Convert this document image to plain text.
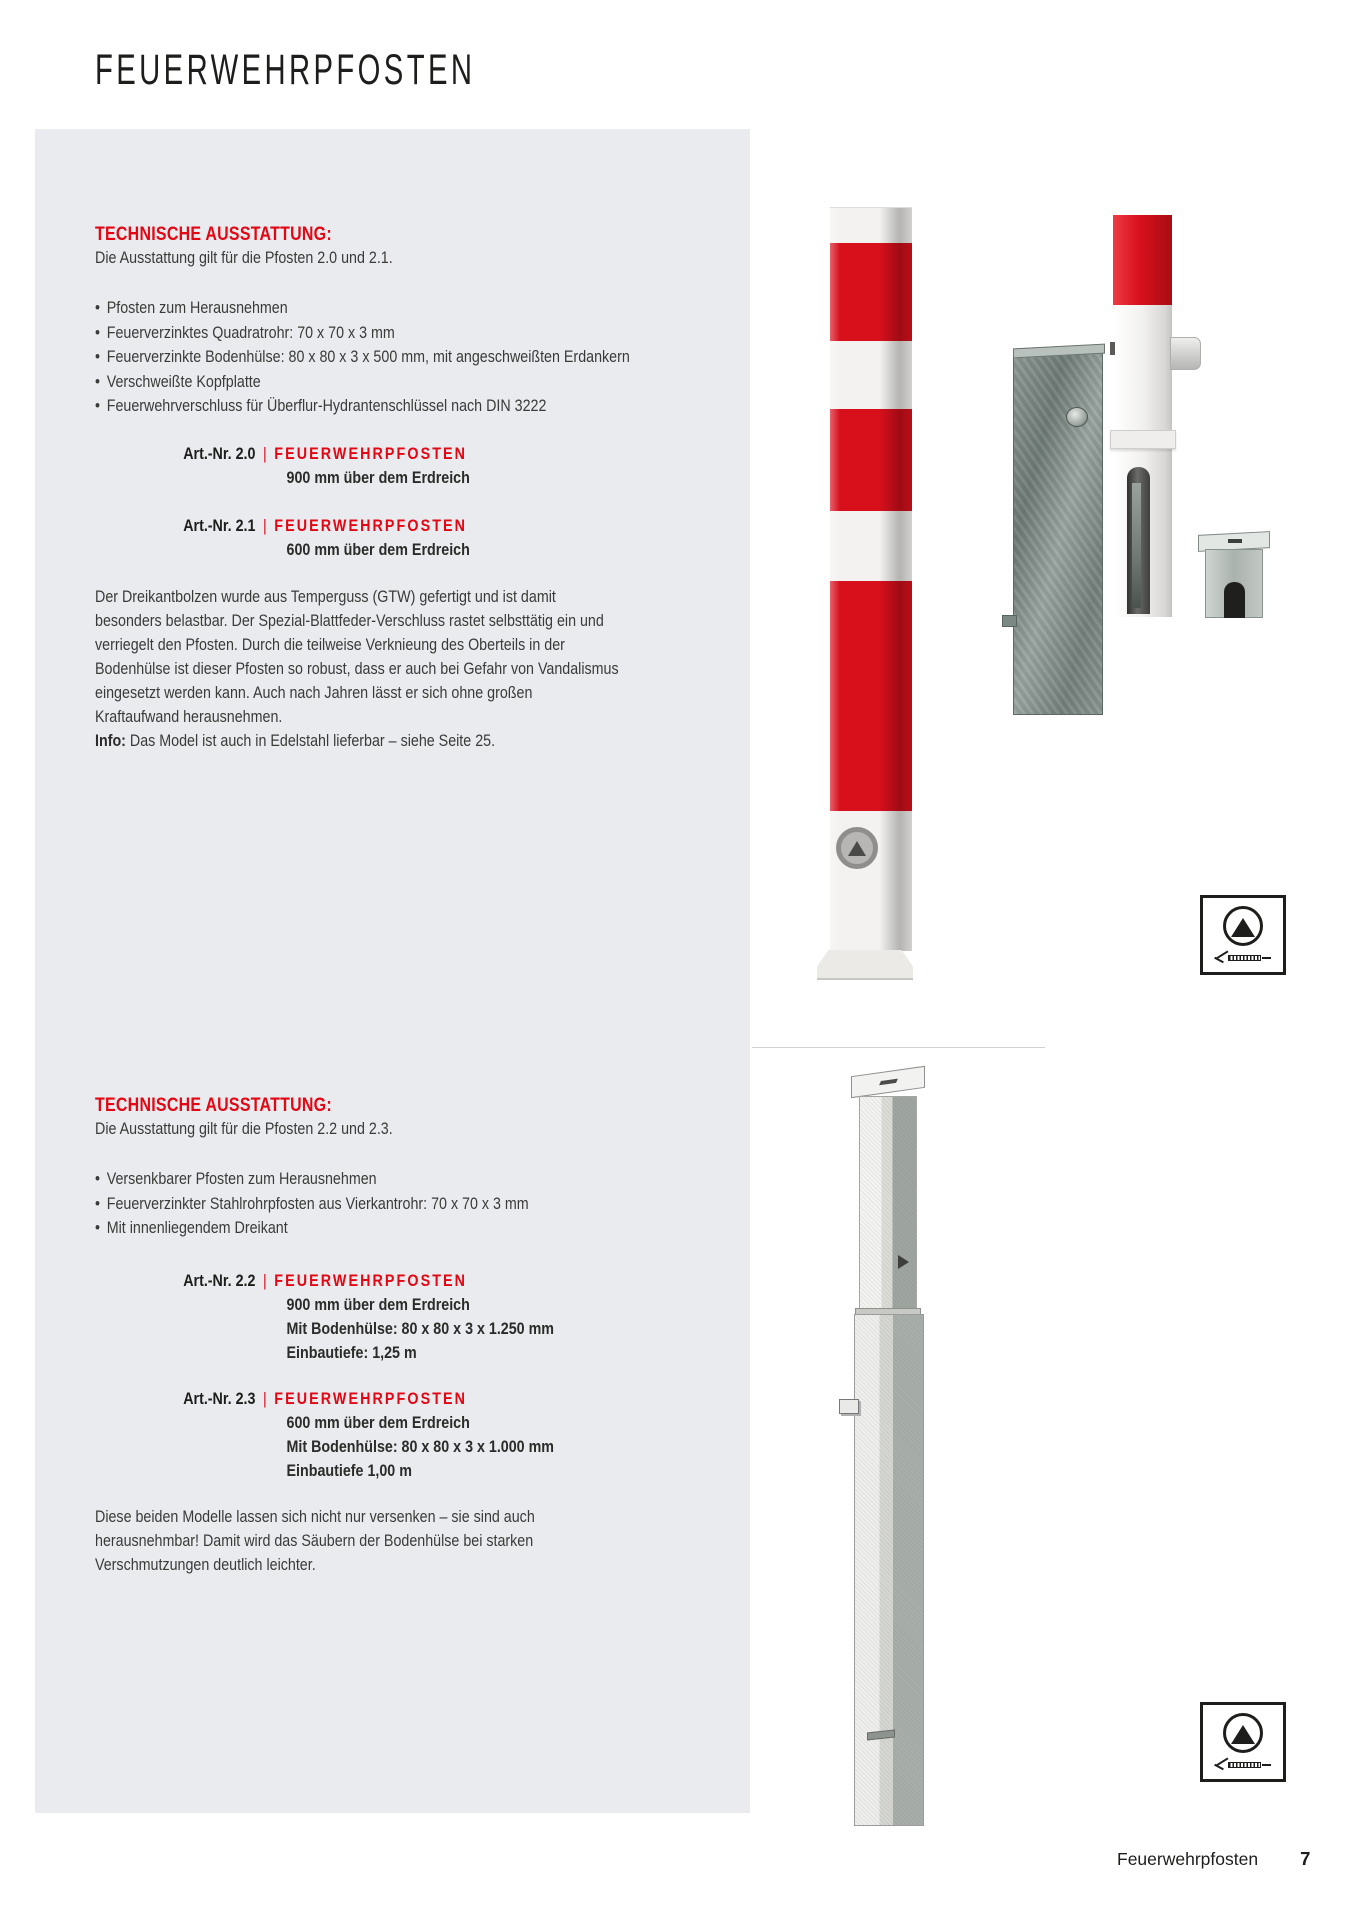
FEUERWEHRPFOSTEN
TECHNISCHE AUSSTATTUNG:

Die Ausstattung gilt für die Pfosten 2.0 und 2.1.

• Pfosten zum Herausnehmen
• Feuerverzinktes Quadratrohr: 70 x 70 x 3 mm
• Feuerverzinkte Bodenhülse: 80 x 80 x 3 x 500 mm, mit angeschweißten Erdankern
• Verschweißte Kopfplatte
• Feuerwehrverschluss für Überflur-Hydrantenschlüssel nach DIN 3222
Art.-Nr. 2.0 | FEUERWEHRPFOSTEN
900 mm über dem Erdreich
Art.-Nr. 2.1 | FEUERWEHRPFOSTEN
600 mm über dem Erdreich

Der Dreikantbolzen wurde aus Temperguss (GTW) gefertigt und ist damit besonders belastbar. Der Spezial-Blattfeder-Verschluss rastet selbsttätig ein und verriegelt den Pfosten. Durch die teilweise Verknieung des Oberteils in der Bodenhülse ist dieser Pfosten so robust, dass er auch bei Gefahr von Vandalismus eingesetzt werden kann. Auch nach Jahren lässt er sich ohne großen Kraftaufwand herausnehmen.
Info: Das Model ist auch in Edelstahl lieferbar – siehe Seite 25.

TECHNISCHE AUSSTATTUNG:

Die Ausstattung gilt für die Pfosten 2.2 und 2.3.

• Versenkbarer Pfosten zum Herausnehmen
• Feuerverzinkter Stahlrohrpfosten aus Vierkantrohr: 70 x 70 x 3 mm
• Mit innenliegendem Dreikant
Art.-Nr. 2.2 | FEUERWEHRPFOSTEN
900 mm über dem Erdreich
Mit Bodenhülse: 80 x 80 x 3 x 1.250 mm
Einbautiefe: 1,25 m
Art.-Nr. 2.3 | FEUERWEHRPFOSTEN
600 mm über dem Erdreich
Mit Bodenhülse: 80 x 80 x 3 x 1.000 mm
Einbautiefe 1,00 m

Diese beiden Modelle lassen sich nicht nur versenken – sie sind auch herausnehmbar! Damit wird das Säubern der Bodenhülse bei starken Verschmutzungen deutlich leichter.

Feuerwehrpfosten 7
